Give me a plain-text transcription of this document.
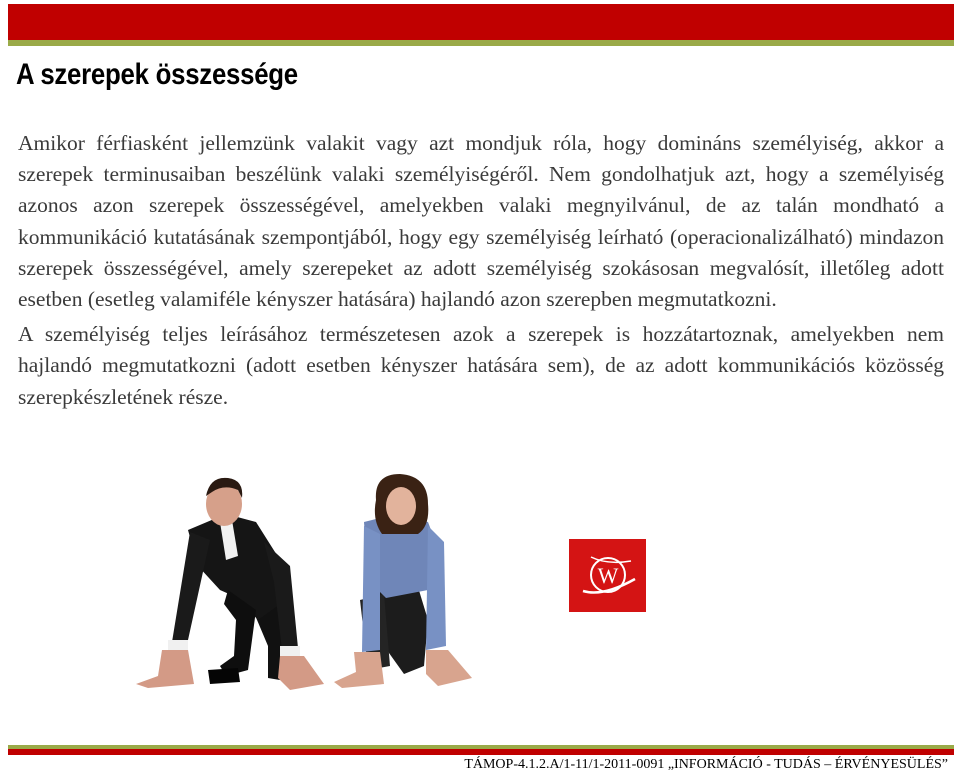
A szerepek összessége

Amikor férfiasként jellemzünk valakit vagy azt mondjuk róla, hogy domináns személyiség, akkor a szerepek terminusaiban beszélünk valaki személyiségéről. Nem gondolhatjuk azt, hogy a személyiség azonos azon szerepek összességével, amelyekben valaki megnyilvánul, de az talán mondható a kommunikáció kutatásának szempontjából, hogy egy személyiség leírható (operacionalizálható) mindazon szerepek összességével, amely szerepeket az adott személyiség szokásosan megvalósít, illetőleg adott esetben (esetleg valamiféle kényszer hatására) hajlandó azon szerepben megmutatkozni.

A személyiség teljes leírásához természetesen azok a szerepek is hozzátartoznak, amelyekben nem hajlandó megmutatkozni (adott esetben kényszer hatására sem), de az adott kommunikációs közösség szerepkészletének része.

W
TÁMOP-4.1.2.A/1-11/1-2011-0091 „INFORMÁCIÓ - TUDÁS – ÉRVÉNYESÜLÉS”
